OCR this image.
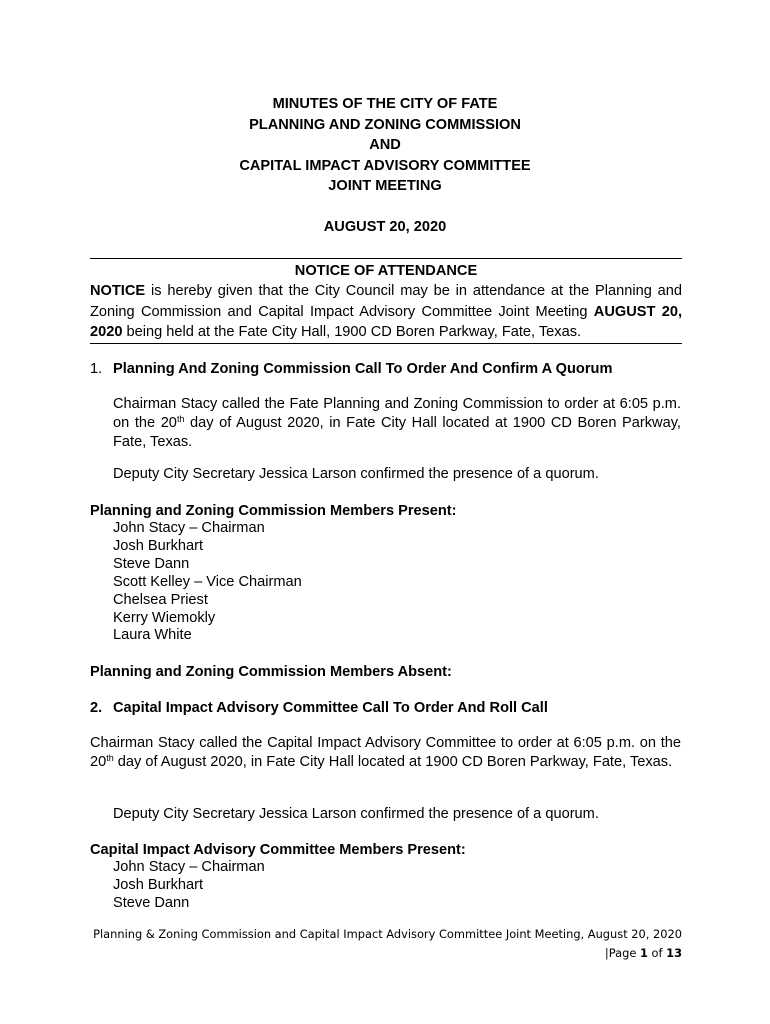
MINUTES OF THE CITY OF FATE
PLANNING AND ZONING COMMISSION
AND
CAPITAL IMPACT ADVISORY COMMITTEE
JOINT MEETING
AUGUST 20, 2020
NOTICE OF ATTENDANCE
NOTICE is hereby given that the City Council may be in attendance at the Planning and Zoning Commission and Capital Impact Advisory Committee Joint Meeting AUGUST 20, 2020 being held at the Fate City Hall, 1900 CD Boren Parkway, Fate, Texas.
1. Planning And Zoning Commission Call To Order And Confirm A Quorum
Chairman Stacy called the Fate Planning and Zoning Commission to order at 6:05 p.m. on the 20th day of August 2020, in Fate City Hall located at 1900 CD Boren Parkway, Fate, Texas.
Deputy City Secretary Jessica Larson confirmed the presence of a quorum.
Planning and Zoning Commission Members Present:
John Stacy – Chairman
Josh Burkhart
Steve Dann
Scott Kelley – Vice Chairman
Chelsea Priest
Kerry Wiemokly
Laura White
Planning and Zoning Commission Members Absent:
2. Capital Impact Advisory Committee Call To Order And Roll Call
Chairman Stacy called the Capital Impact Advisory Committee to order at 6:05 p.m. on the 20th day of August 2020, in Fate City Hall located at 1900 CD Boren Parkway, Fate, Texas.
Deputy City Secretary Jessica Larson confirmed the presence of a quorum.
Capital Impact Advisory Committee Members Present:
John Stacy – Chairman
Josh Burkhart
Steve Dann
Planning & Zoning Commission and Capital Impact Advisory Committee Joint Meeting, August 20, 2020
|Page 1 of 13
